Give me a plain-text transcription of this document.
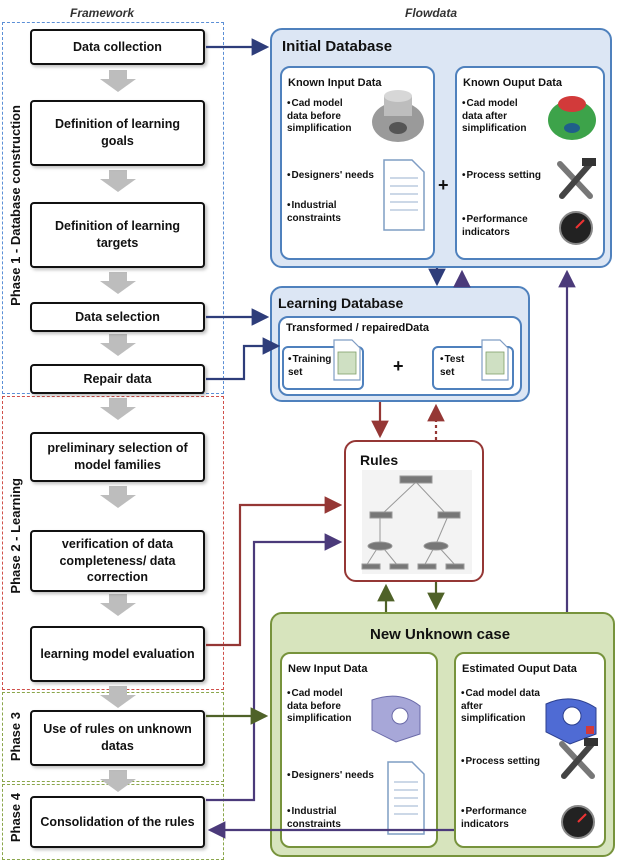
Framework	Flowdata
Phase 1 - Database construction
Phase 2 - Learning
Phase 3
Phase 4
Data collection
Definition of learning goals
Definition of learning targets
Data selection
Repair data
preliminary selection of model families
verification of data completeness/ data correction
learning model evaluation
Use of rules on unknown datas
Consolidation of the rules
Initial Database
Known Input Data
• Cad model data before simplification
• Designers' needs
• Industrial constraints
+
Known Ouput Data
• Cad model data after simplification
• Process setting
• Performance indicators
Learning Database
Transformed / repairedData
• Training set	+
•	Test set
Rules
New Unknown case
New Input Data
• Cad model data before simplification
• Designers' needs
• Industrial constraints
Estimated Ouput Data
• Cad model data after simplification
• Process setting
• Performance indicators
